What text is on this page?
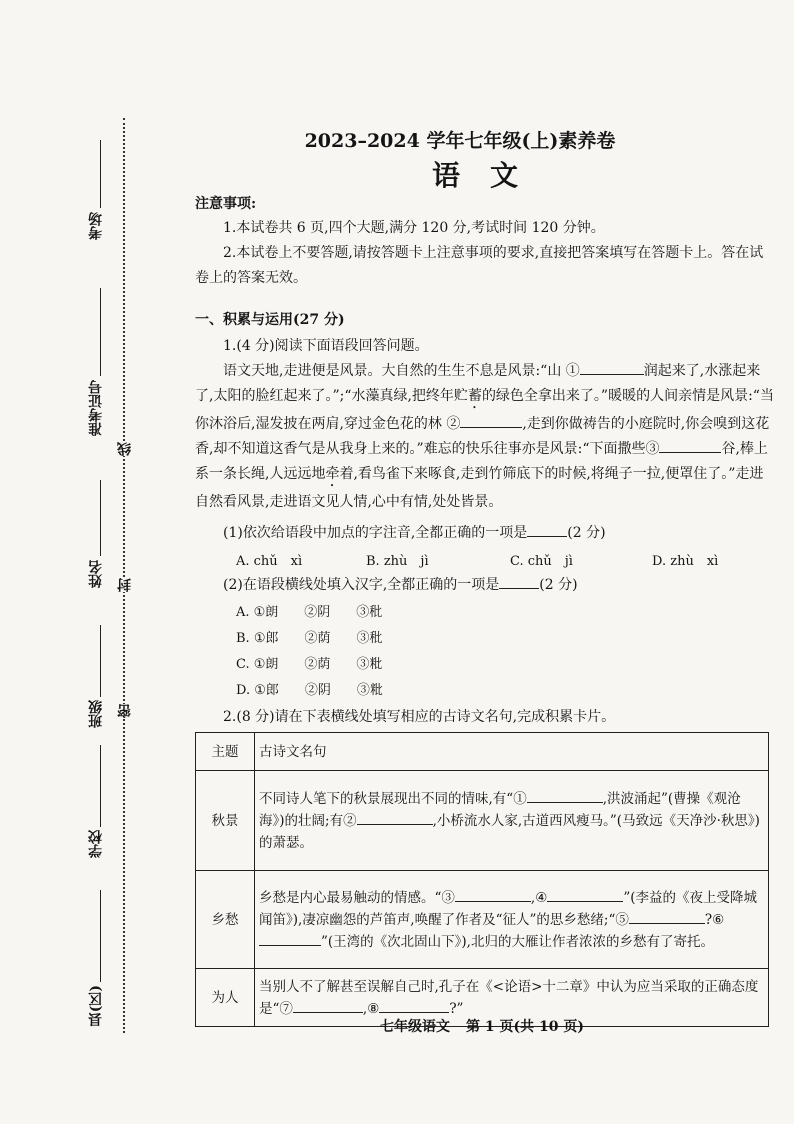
考场
准考证号
姓名
班级
学校
县(区)
线
封
密
2023–2024 学年七年级(上)素养卷
语文
注意事项:
1.本试卷共 6 页,四个大题,满分 120 分,考试时间 120 分钟。
2.本试卷上不要答题,请按答题卡上注意事项的要求,直接把答案填写在答题卡上。答在试卷上的答案无效。
一、积累与运用(27 分)
1.(4 分)阅读下面语段回答问题。
语文天地,走进便是风景。大自然的生生不息是风景:“山 ①	润起来了,水涨起来了,太阳的脸红起来了。”;“水藻真绿,把终年贮蓄的绿色全拿出来了。”暖暖的人间亲情是风景:“当你沐浴后,湿发披在两肩,穿过金色花的林 ②	,走到你做祷告的小庭院时,你会嗅到这花香,却不知道这香气是从我身上来的。”难忘的快乐往事亦是风景:“下面撒些③	谷,棒上系一条长绳,人远远地牵着,看鸟雀下来啄食,走到竹筛底下的时候,将绳子一拉,便罩住了。”走进自然看风景,走进语文见人情,心中有情,处处皆景。
(1)依次给语段中加点的字注音,全都正确的一项是	(2 分)
A. chǔ　xì	B. zhù　jì	C. chǔ　jì	D. zhù　xì
(2)在语段横线处填入汉字,全都正确的一项是	(2 分)
A. ①朗　　②阴　　③秕
B. ①郎　　②荫　　③秕
C. ①朗　　②荫　　③粃
D. ①郎　　②阴　　③粃
2.(8 分)请在下表横线处填写相应的古诗文名句,完成积累卡片。
主题	古诗文名句
秋景	不同诗人笔下的秋景展现出不同的情味,有“① ,洪波涌起”(曹操《观沧海》)的壮阔;有② ,小桥流水人家,古道西风瘦马。”(马致远《天净沙·秋思》)的萧瑟。
乡愁	乡愁是内心最易触动的情感。“③ ,④ ”(李益的《夜上受降城闻笛》),凄凉幽怨的芦笛声,唤醒了作者及“征人”的思乡愁绪;“⑤ ?⑥”(王湾的《次北固山下》),北归的大雁让作者浓浓的乡愁有了寄托。
为人	当别人不了解甚至误解自己时,孔子在《<论语>十二章》中认为应当采取的正确态度是“⑦ ,⑧ ?”
七年级语文 第 1 页(共 10 页)
